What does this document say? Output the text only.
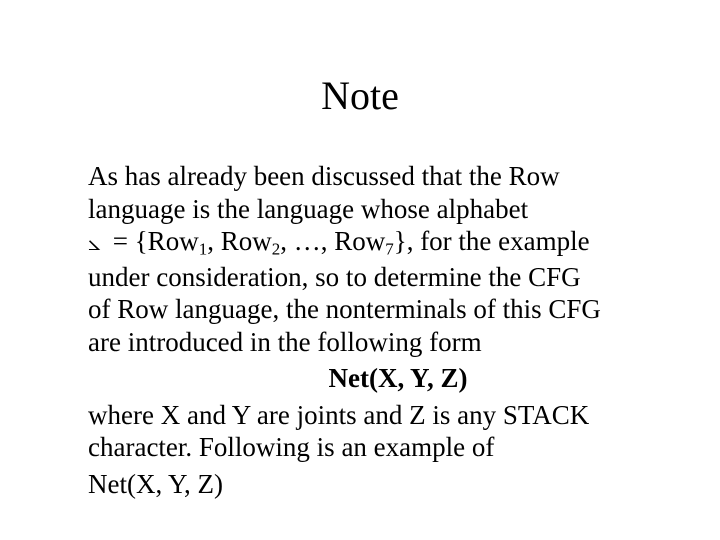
Note
As has already been discussed that the Row
language is the language whose alphabet
⦣ = {Row$_1$, Row$_2$, …, Row$_7$}, for the example
under consideration, so to determine the CFG
of Row language, the nonterminals of this CFG
are introduced in the following form
Net(X, Y, Z)
where X and Y are joints and Z is any STACK
character. Following is an example of
Net(X, Y, Z)
